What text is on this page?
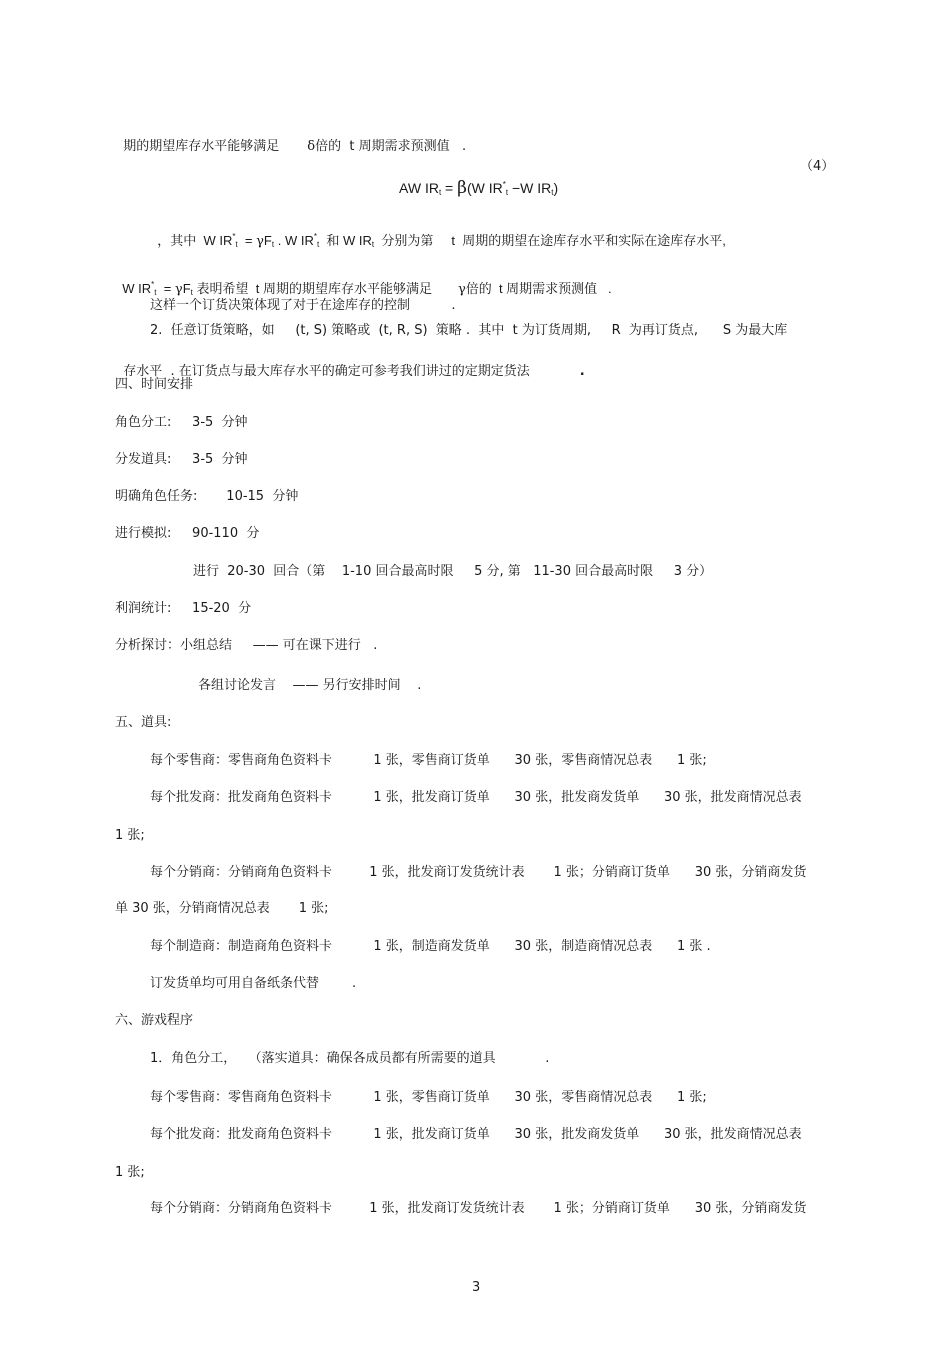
期的期望库存水平能够满足 δ倍的  t 周期需求预测值   .

AW $IR_t = \beta(W$ $IR^*_t -W$ $IR_t$)

（4）

，其中  W $IR^*_t = \gamma F_t$ . W $IR^*_t$  和 W $IR_t$  分别为第     t  周期的期望在途库存水平和实际在途库存水平,

W $IR^*_t = \gamma F_t$ 表明希望  t 周期的期望库存水平能够满足 γ倍的  t 周期需求预测值   .

这样一个订货决策体现了对于在途库存的控制          .
2.  任意订货策略，如     (t, S) 策略或  (t, R, S)  策略 .  其中  t 为订货周期,     R  为再订货点,      S 为最大库

存水平  . 在订货点与最大库存水平的确定可参考我们讲过的定期定货法	.

四、时间安排
角色分工:     3-5  分钟
分发道具:     3-5  分钟
明确角色任务:       10-15  分钟
进行模拟:     90-110  分
进行  20-30  回合（第    1-10 回合最高时限     5 分, 第   11-30 回合最高时限     3 分）
利润统计:     15-20  分
分析探讨：小组总结     —— 可在课下进行   .
各组讨论发言    —— 另行安排时间    .
五、道具:
每个零售商：零售商角色资料卡          1 张，零售商订货单      30 张，零售商情况总表      1 张;
每个批发商：批发商角色资料卡          1 张，批发商订货单      30 张，批发商发货单      30 张，批发商情况总表
1 张;
每个分销商：分销商角色资料卡         1 张，批发商订发货统计表       1 张；分销商订货单      30 张，分销商发货
单 30 张，分销商情况总表       1 张;
每个制造商：制造商角色资料卡          1 张，制造商发货单      30 张，制造商情况总表      1 张 .
订发货单均可用自备纸条代替        .
六、游戏程序
1．角色分工，   （落实道具：确保各成员都有所需要的道具            .
每个零售商：零售商角色资料卡          1 张，零售商订货单      30 张，零售商情况总表      1 张;
每个批发商：批发商角色资料卡          1 张，批发商订货单      30 张，批发商发货单      30 张，批发商情况总表
1 张;
每个分销商：分销商角色资料卡         1 张，批发商订发货统计表       1 张；分销商订货单      30 张，分销商发货
3
